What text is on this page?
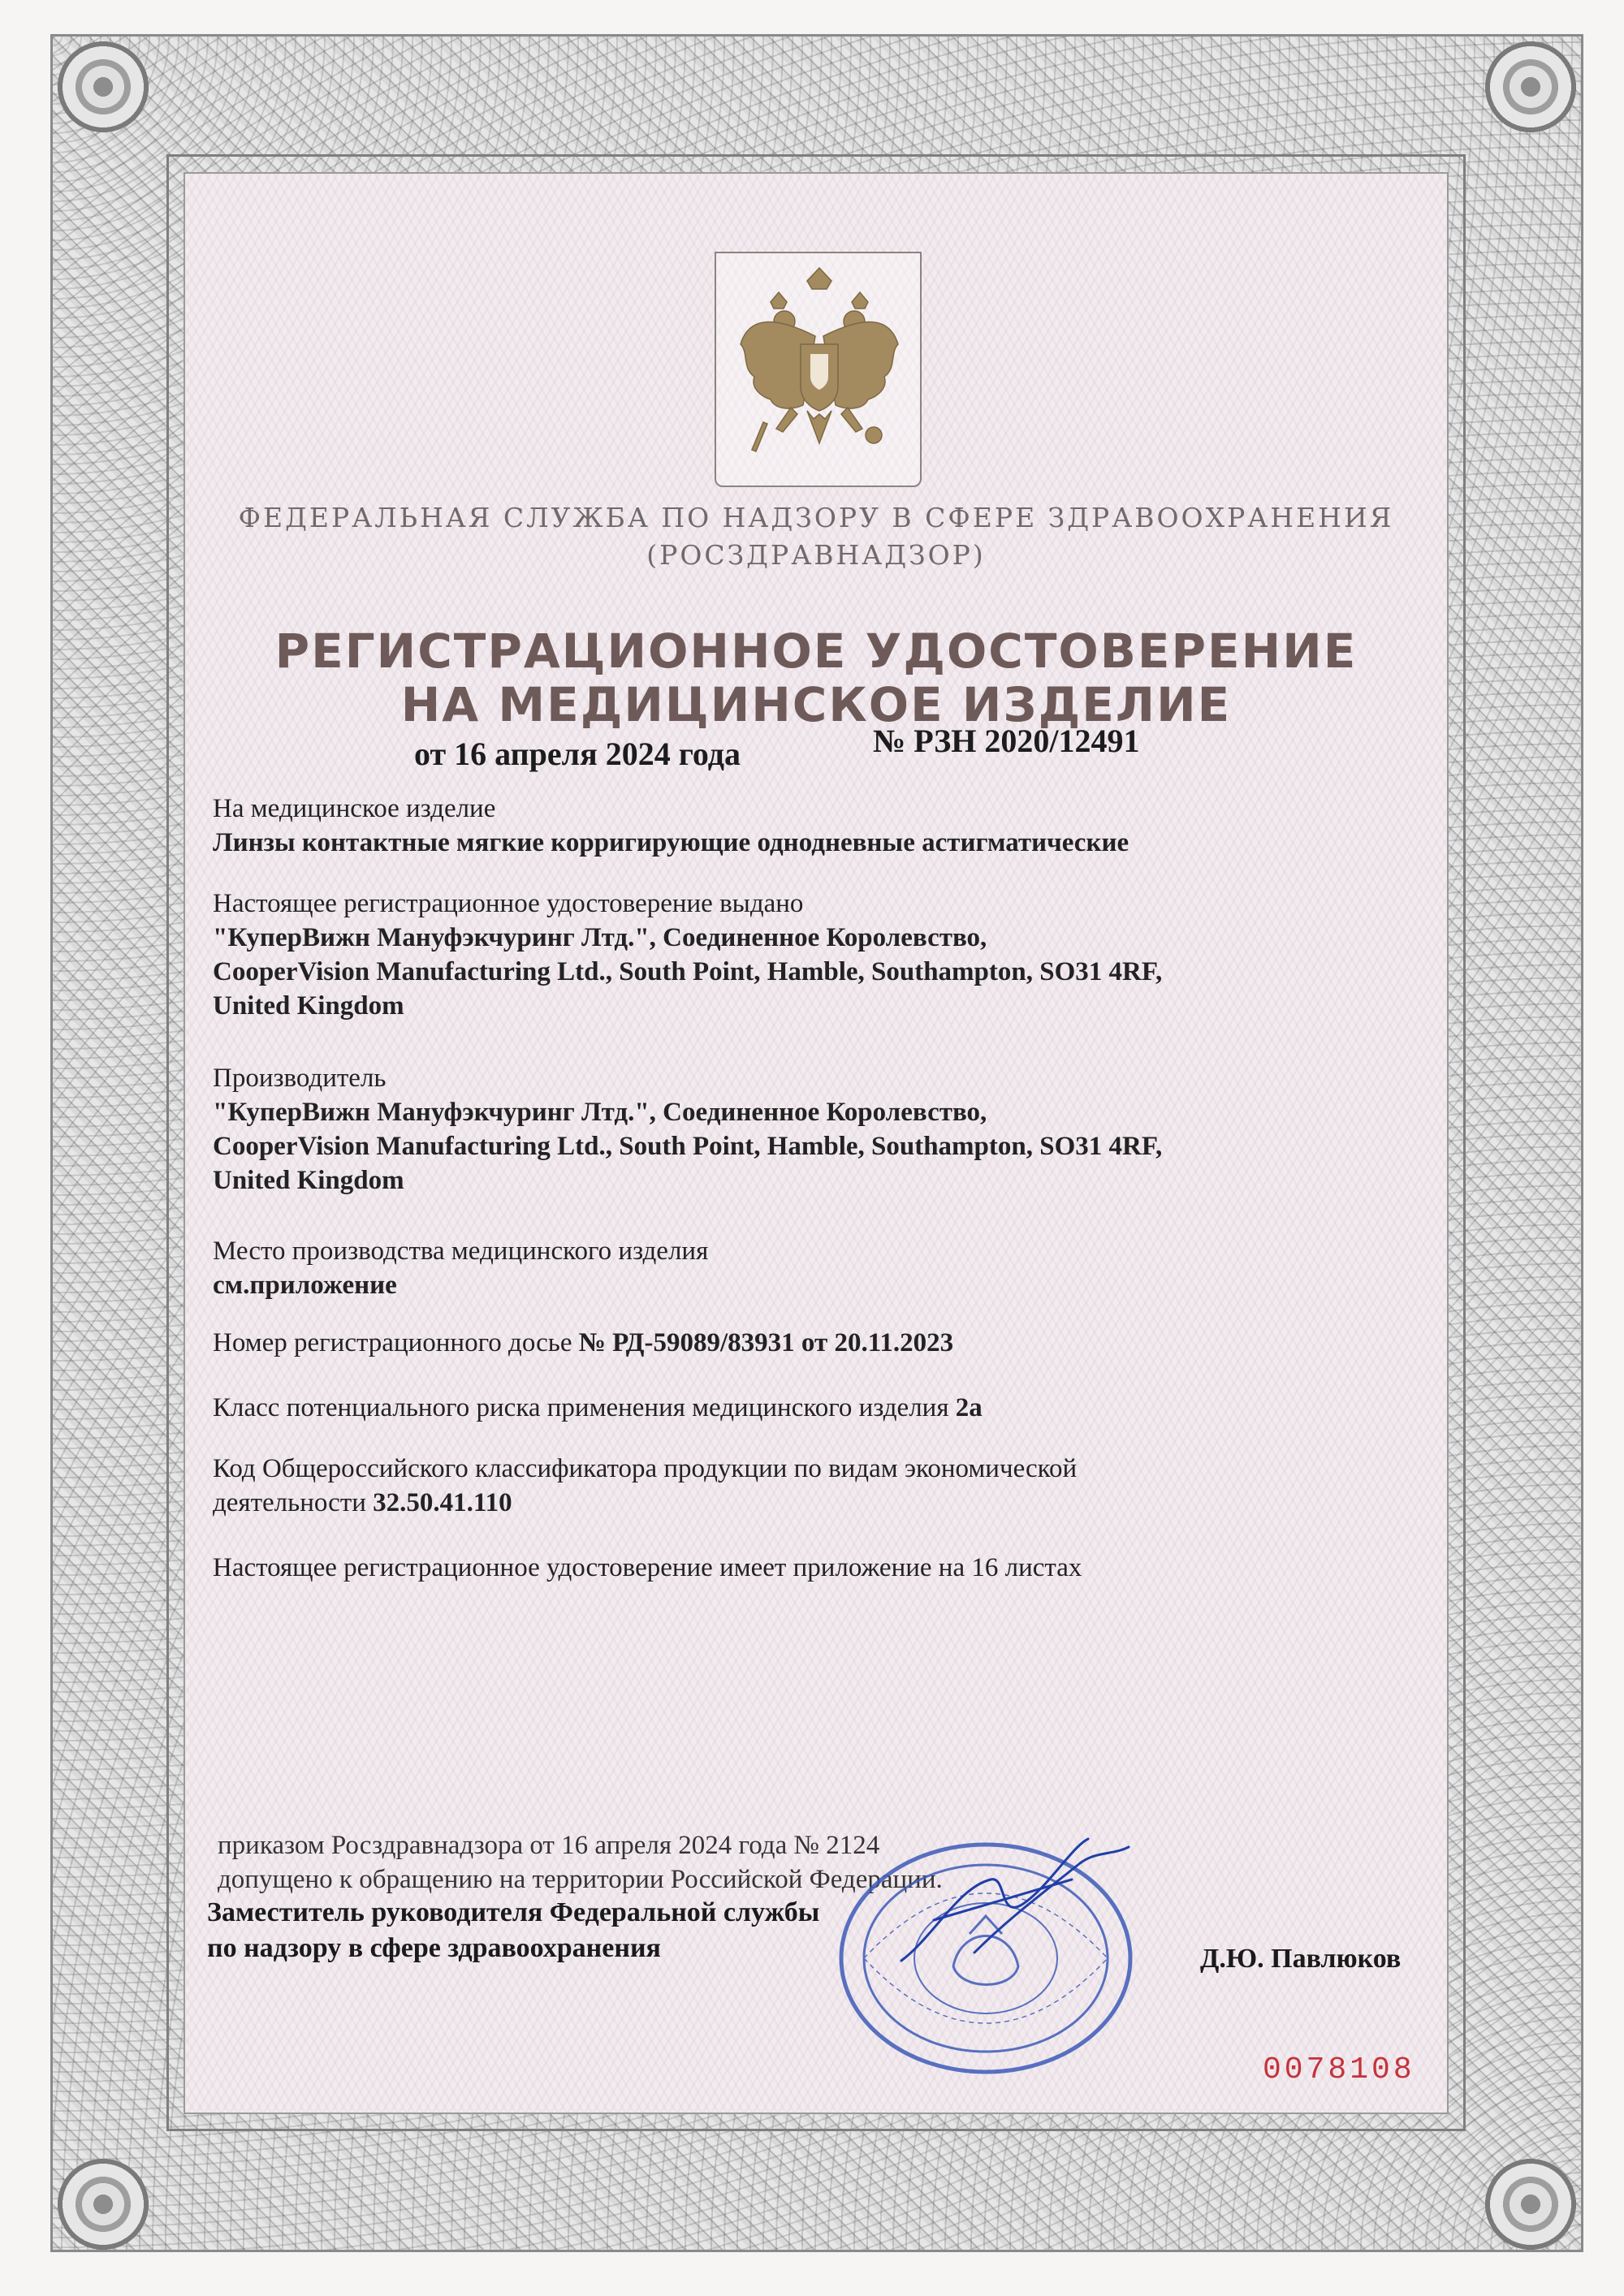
ФЕДЕРАЛЬНАЯ СЛУЖБА ПО НАДЗОРУ В СФЕРЕ ЗДРАВООХРАНЕНИЯ
(РОСЗДРАВНАДЗОР)
РЕГИСТРАЦИОННОЕ УДОСТОВЕРЕНИЕ
НА МЕДИЦИНСКОЕ ИЗДЕЛИЕ
от 16 апреля 2024 года	№ РЗН 2020/12491
На медицинское изделие
Линзы контактные мягкие корригирующие однодневные астигматические
Настоящее регистрационное удостоверение выдано
"КуперВижн Мануфэкчуринг Лтд.", Соединенное Королевство,
CooperVision Manufacturing Ltd., South Point, Hamble, Southampton, SO31 4RF,
United Kingdom
Производитель
"КуперВижн Мануфэкчуринг Лтд.", Соединенное Королевство,
CooperVision Manufacturing Ltd., South Point, Hamble, Southampton, SO31 4RF,
United Kingdom
Место производства медицинского изделия
см.приложение
Номер регистрационного досье № РД-59089/83931 от 20.11.2023
Класс потенциального риска применения медицинского изделия 2а
Код Общероссийского классификатора продукции по видам экономической
деятельности 32.50.41.110
Настоящее регистрационное удостоверение имеет приложение на 16 листах
приказом Росздравнадзора от 16 апреля 2024 года № 2124
допущено к обращению на территории Российской Федерации.
Заместитель руководителя Федеральной службы
по надзору в сфере здравоохранения	Д.Ю. Павлюков
0078108
